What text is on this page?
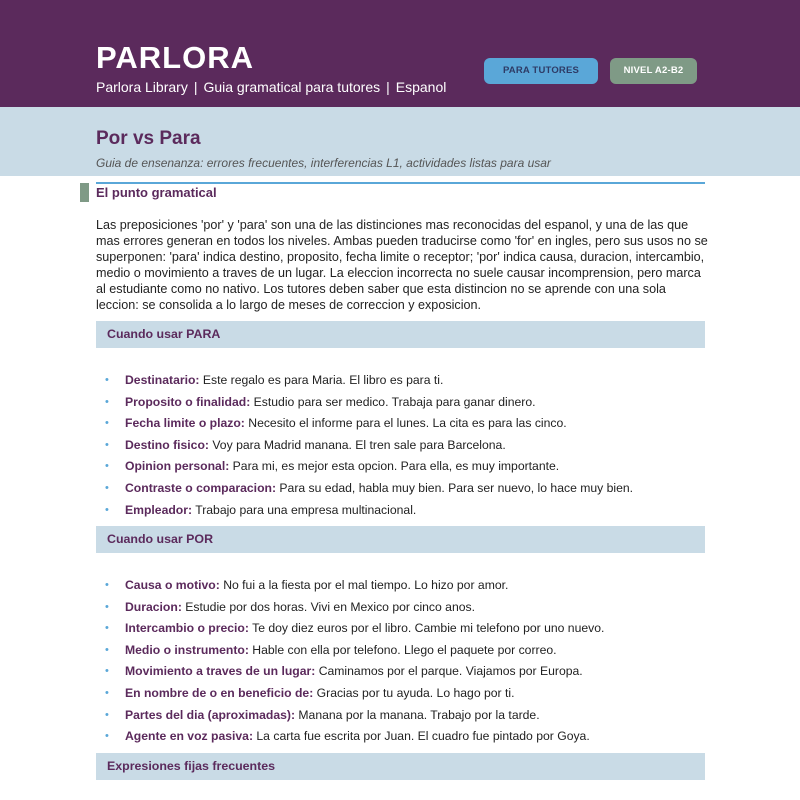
PARLORA
Parlora Library | Guia gramatical para tutores | Espanol
PARA TUTORES	NIVEL A2-B2
Por vs Para
Guia de ensenanza: errores frecuentes, interferencias L1, actividades listas para usar
El punto gramatical

Las preposiciones 'por' y 'para' son una de las distinciones mas reconocidas del espanol, y una de las que mas errores generan en todos los niveles. Ambas pueden traducirse como 'for' en ingles, pero sus usos no se superponen: 'para' indica destino, proposito, fecha limite o receptor; 'por' indica causa, duracion, intercambio, medio o movimiento a traves de un lugar. La eleccion incorrecta no suele causar incomprension, pero marca al estudiante como no nativo. Los tutores deben saber que esta distincion no se aprende con una sola leccion: se consolida a lo largo de meses de correccion y exposicion.

Cuando usar PARA
• Destinatario: Este regalo es para Maria. El libro es para ti.
• Proposito o finalidad: Estudio para ser medico. Trabaja para ganar dinero.
• Fecha limite o plazo: Necesito el informe para el lunes. La cita es para las cinco.
• Destino fisico: Voy para Madrid manana. El tren sale para Barcelona.
• Opinion personal: Para mi, es mejor esta opcion. Para ella, es muy importante.
• Contraste o comparacion: Para su edad, habla muy bien. Para ser nuevo, lo hace muy bien.
• Empleador: Trabajo para una empresa multinacional.
Cuando usar POR
• Causa o motivo: No fui a la fiesta por el mal tiempo. Lo hizo por amor.
• Duracion: Estudie por dos horas. Vivi en Mexico por cinco anos.
• Intercambio o precio: Te doy diez euros por el libro. Cambie mi telefono por uno nuevo.
• Medio o instrumento: Hable con ella por telefono. Llego el paquete por correo.
• Movimiento a traves de un lugar: Caminamos por el parque. Viajamos por Europa.
• En nombre de o en beneficio de: Gracias por tu ayuda. Lo hago por ti.
• Partes del dia (aproximadas): Manana por la manana. Trabajo por la tarde.
• Agente en voz pasiva: La carta fue escrita por Juan. El cuadro fue pintado por Goya.
Expresiones fijas frecuentes
